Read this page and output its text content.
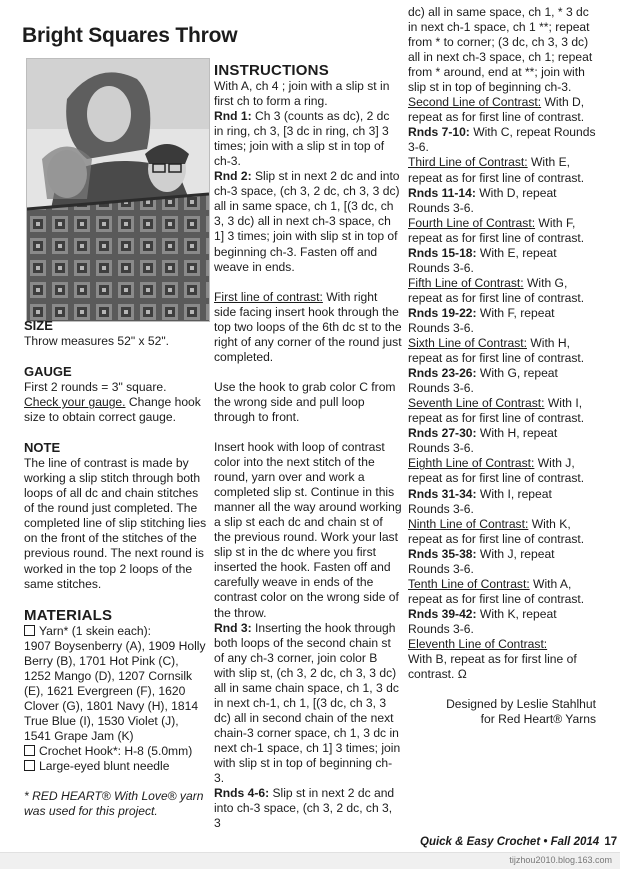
Bright Squares Throw
SIZE

Throw measures 52" x 52".

GAUGE

First 2 rounds = 3" square.

Check your gauge. Change hook size to obtain correct gauge.

NOTE

The line of contrast is made by working a slip stitch through both loops of all dc and chain stitches of the round just completed. The completed line of slip stitching lies on the front of the stitches of the previous round. The next round is worked in the top 2 loops of the same stitches.

MATERIALS
Yarn* (1 skein each):
1907 Boysenberry (A), 1909 Holly Berry (B), 1701 Hot Pink (C), 1252 Mango (D), 1207 Cornsilk (E), 1621 Evergreen (F), 1620 Clover (G), 1801 Navy (H), 1814 True Blue (I), 1530 Violet (J), 1541 Grape Jam (K)
Crochet Hook*: H-8 (5.0mm)
Large-eyed blunt needle

* RED HEART® With Love® yarn was used for this project.

INSTRUCTIONS

With A, ch 4 ; join with a slip st in first ch to form a ring.

Rnd 1: Ch 3 (counts as dc), 2 dc in ring, ch 3, [3 dc in ring, ch 3] 3 times; join with a slip st in top of ch-3.

Rnd 2: Slip st in next 2 dc and into ch-3 space, (ch 3, 2 dc, ch 3, 3 dc) all in same space, ch 1, [(3 dc, ch 3, 3 dc) all in next ch-3 space, ch 1] 3 times; join with slip st in top of beginning ch-3. Fasten off and weave in ends.

First line of contrast: With right side facing insert hook through the top two loops of the 6th dc st to the right of any corner of the round just completed.

Use the hook to grab color C from the wrong side and pull loop through to front.

Insert hook with loop of contrast color into the next stitch of the round, yarn over and work a completed slip st. Continue in this manner all the way around working a slip st each dc and chain st of the previous round. Work your last slip st in the dc where you first inserted the hook. Fasten off and carefully weave in ends of the contrast color on the wrong side of the throw.

Rnd 3: Inserting the hook through both loops of the second chain st of any ch-3 corner, join color B with slip st, (ch 3, 2 dc, ch 3, 3 dc) all in same chain space, ch 1, 3 dc in next ch-1, ch 1, [(3 dc, ch 3, 3 dc) all in second chain of the next chain-3 corner space, ch 1, 3 dc in next ch-1 space, ch 1] 3 times; join with slip st in top of beginning ch-3.

Rnds 4-6: Slip st in next 2 dc and into ch-3 space, (ch 3, 2 dc, ch 3, 3

dc) all in same space, ch 1, * 3 dc in next ch-1 space, ch 1 **; repeat from * to corner; (3 dc, ch 3, 3 dc) all in next ch-3 space, ch 1; repeat from * around, end at **; join with slip st in top of beginning ch-3.

Second Line of Contrast: With D, repeat as for first line of contrast.

Rnds 7-10: With C, repeat Rounds 3-6.

Third Line of Contrast: With E, repeat as for first line of contrast.

Rnds 11-14: With D, repeat Rounds 3-6.

Fourth Line of Contrast: With F, repeat as for first line of contrast.

Rnds 15-18: With E, repeat Rounds 3-6.

Fifth Line of Contrast: With G, repeat as for first line of contrast.

Rnds 19-22: With F, repeat Rounds 3-6.

Sixth Line of Contrast: With H, repeat as for first line of contrast.

Rnds 23-26: With G, repeat Rounds 3-6.

Seventh Line of Contrast: With I, repeat as for first line of contrast.

Rnds 27-30: With H, repeat Rounds 3-6.

Eighth Line of Contrast: With J, repeat as for first line of contrast.

Rnds 31-34: With I, repeat Rounds 3-6.

Ninth Line of Contrast: With K, repeat as for first line of contrast.

Rnds 35-38: With J, repeat Rounds 3-6.

Tenth Line of Contrast: With A, repeat as for first line of contrast.

Rnds 39-42: With K, repeat Rounds 3-6.

Eleventh Line of Contrast:

With B, repeat as for first line of contrast. Ω

Designed by Leslie Stahlhut

for Red Heart® Yarns

Quick & Easy Crochet • Fall 2014 17
tijzhou2010.blog.163.com
